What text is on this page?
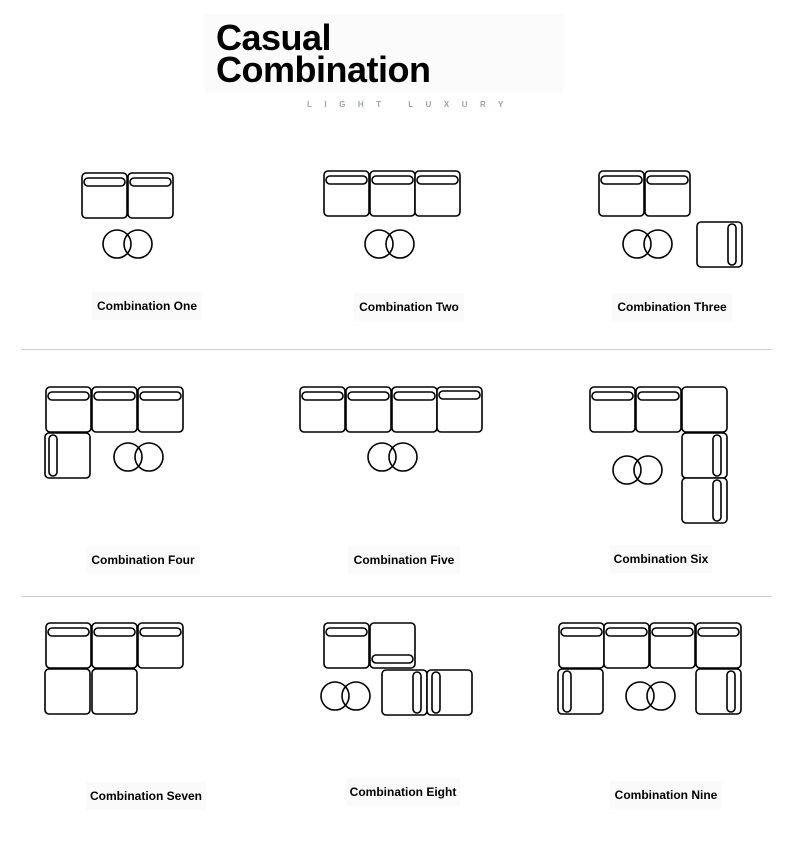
Casual
Combination
LIGHT LUXURY
Combination One	Combination Two	Combination Three
Combination Four	Combination Five	Combination Six
Combination Seven	Combination Eight	Combination Nine
